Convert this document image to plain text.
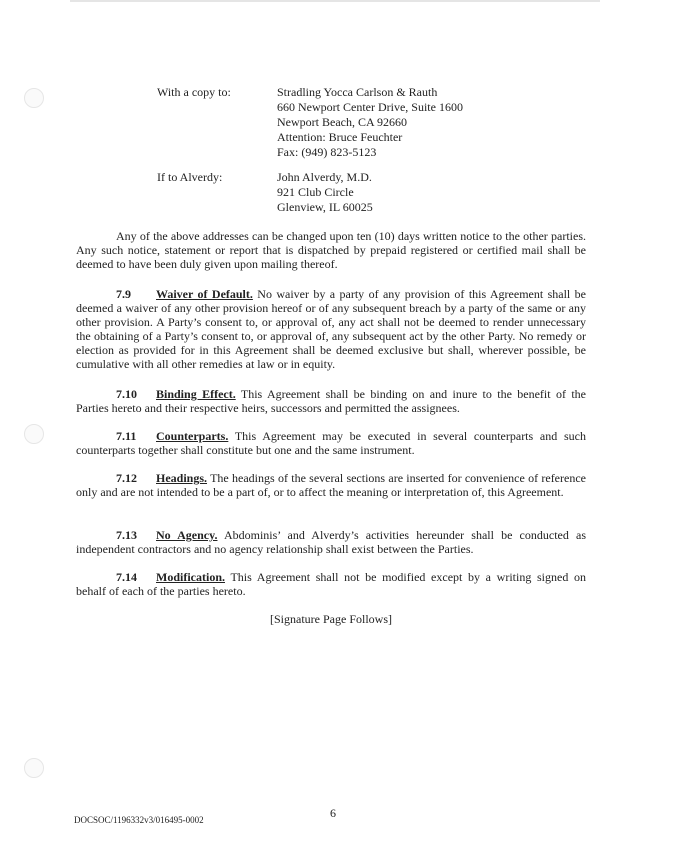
With a copy to:	Stradling Yocca Carlson & Rauth
660 Newport Center Drive, Suite 1600
Newport Beach, CA 92660
Attention: Bruce Feuchter
Fax: (949) 823-5123
If to Alverdy:	John Alverdy, M.D.
921 Club Circle
Glenview, IL 60025

Any of the above addresses can be changed upon ten (10) days written notice to the other parties. Any such notice, statement or report that is dispatched by prepaid registered or certified mail shall be deemed to have been duly given upon mailing thereof.

7.9 Waiver of Default. No waiver by a party of any provision of this Agreement shall be deemed a waiver of any other provision hereof or of any subsequent breach by a party of the same or any other provision. A Party’s consent to, or approval of, any act shall not be deemed to render unnecessary the obtaining of a Party’s consent to, or approval of, any subsequent act by the other Party. No remedy or election as provided for in this Agreement shall be deemed exclusive but shall, wherever possible, be cumulative with all other remedies at law or in equity.

7.10 Binding Effect. This Agreement shall be binding on and inure to the benefit of the Parties hereto and their respective heirs, successors and permitted the assignees.

7.11 Counterparts. This Agreement may be executed in several counterparts and such counterparts together shall constitute but one and the same instrument.

7.12 Headings. The headings of the several sections are inserted for convenience of reference only and are not intended to be a part of, or to affect the meaning or interpretation of, this Agreement.

7.13 No Agency. Abdominis’ and Alverdy’s activities hereunder shall be conducted as independent contractors and no agency relationship shall exist between the Parties.

7.14 Modification. This Agreement shall not be modified except by a writing signed on behalf of each of the parties hereto.

[Signature Page Follows]
6
DOCSOC/1196332v3/016495-0002
